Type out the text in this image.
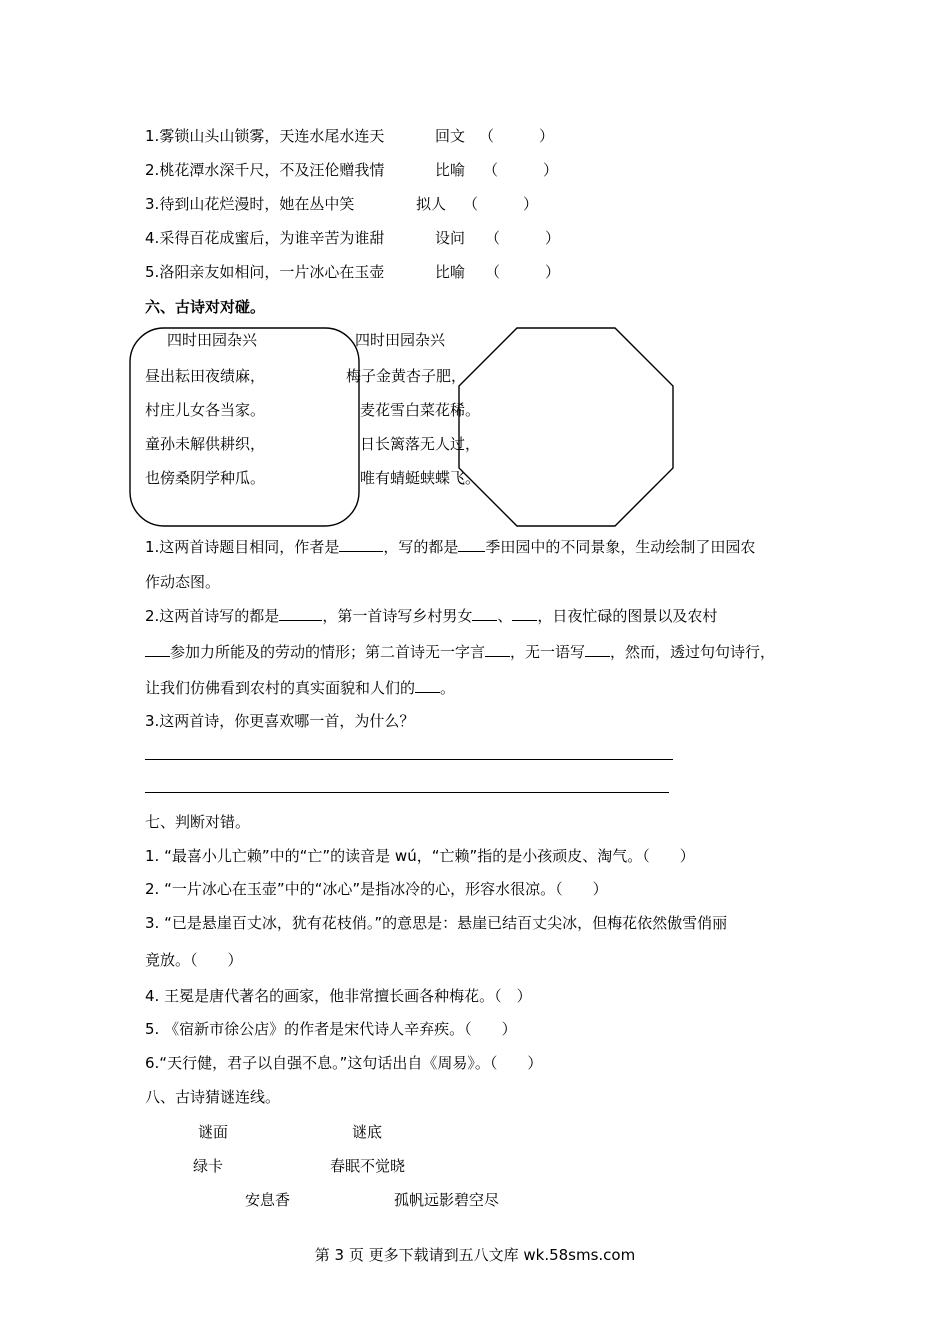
1.雾锁山头山锁雾，天连水尾水连天	回文 （　　　）
2.桃花潭水深千尺，不及汪伦赠我情	比喻 （　　　）
3.待到山花烂漫时，她在丛中笑	拟人 （　　　）
4.采得百花成蜜后，为谁辛苦为谁甜	设问 （　　　）
5.洛阳亲友如相问，一片冰心在玉壶	比喻 （　　　）
六、古诗对对碰。
四时田园杂兴
昼出耘田夜绩麻，
村庄儿女各当家。
童孙未解供耕织，
也傍桑阴学种瓜。
四时田园杂兴
梅子金黄杏子肥，
麦花雪白菜花稀。
日长篱落无人过，
唯有蜻蜓蛱蝶飞。
1.这两首诗题目相同，作者是	，写的都是 季田园中的不同景象，生动绘制了田园农
作动态图。
2.这两首诗写的都是	，第一首诗写乡村男女 、 ，日夜忙碌的图景以及农村
参加力所能及的劳动的情形；第二首诗无一字言 ，无一语写 ，然而，透过句句诗行，
让我们仿佛看到农村的真实面貌和人们的 。
3.这两首诗，你更喜欢哪一首，为什么？
七、判断对错。
1. “最喜小儿亡赖”中的“亡”的读音是 wú，“亡赖”指的是小孩顽皮、淘气。（　　）
2. “一片冰心在玉壶”中的“冰心”是指冰冷的心，形容水很凉。（　　）
3. “已是悬崖百丈冰，犹有花枝俏。”的意思是：悬崖已结百丈尖冰，但梅花依然傲雪俏丽
竟放。（　　）
4. 王冕是唐代著名的画家，他非常擅长画各种梅花。（　）
5. 《宿新市徐公店》的作者是宋代诗人辛弃疾。（　　）
6.“天行健，君子以自强不息。”这句话出自《周易》。（　　）
八、古诗猜谜连线。
谜面	谜底
绿卡	春眠不觉晓
安息香	孤帆远影碧空尽
第 3 页 更多下载请到五八文库 wk.58sms.com
